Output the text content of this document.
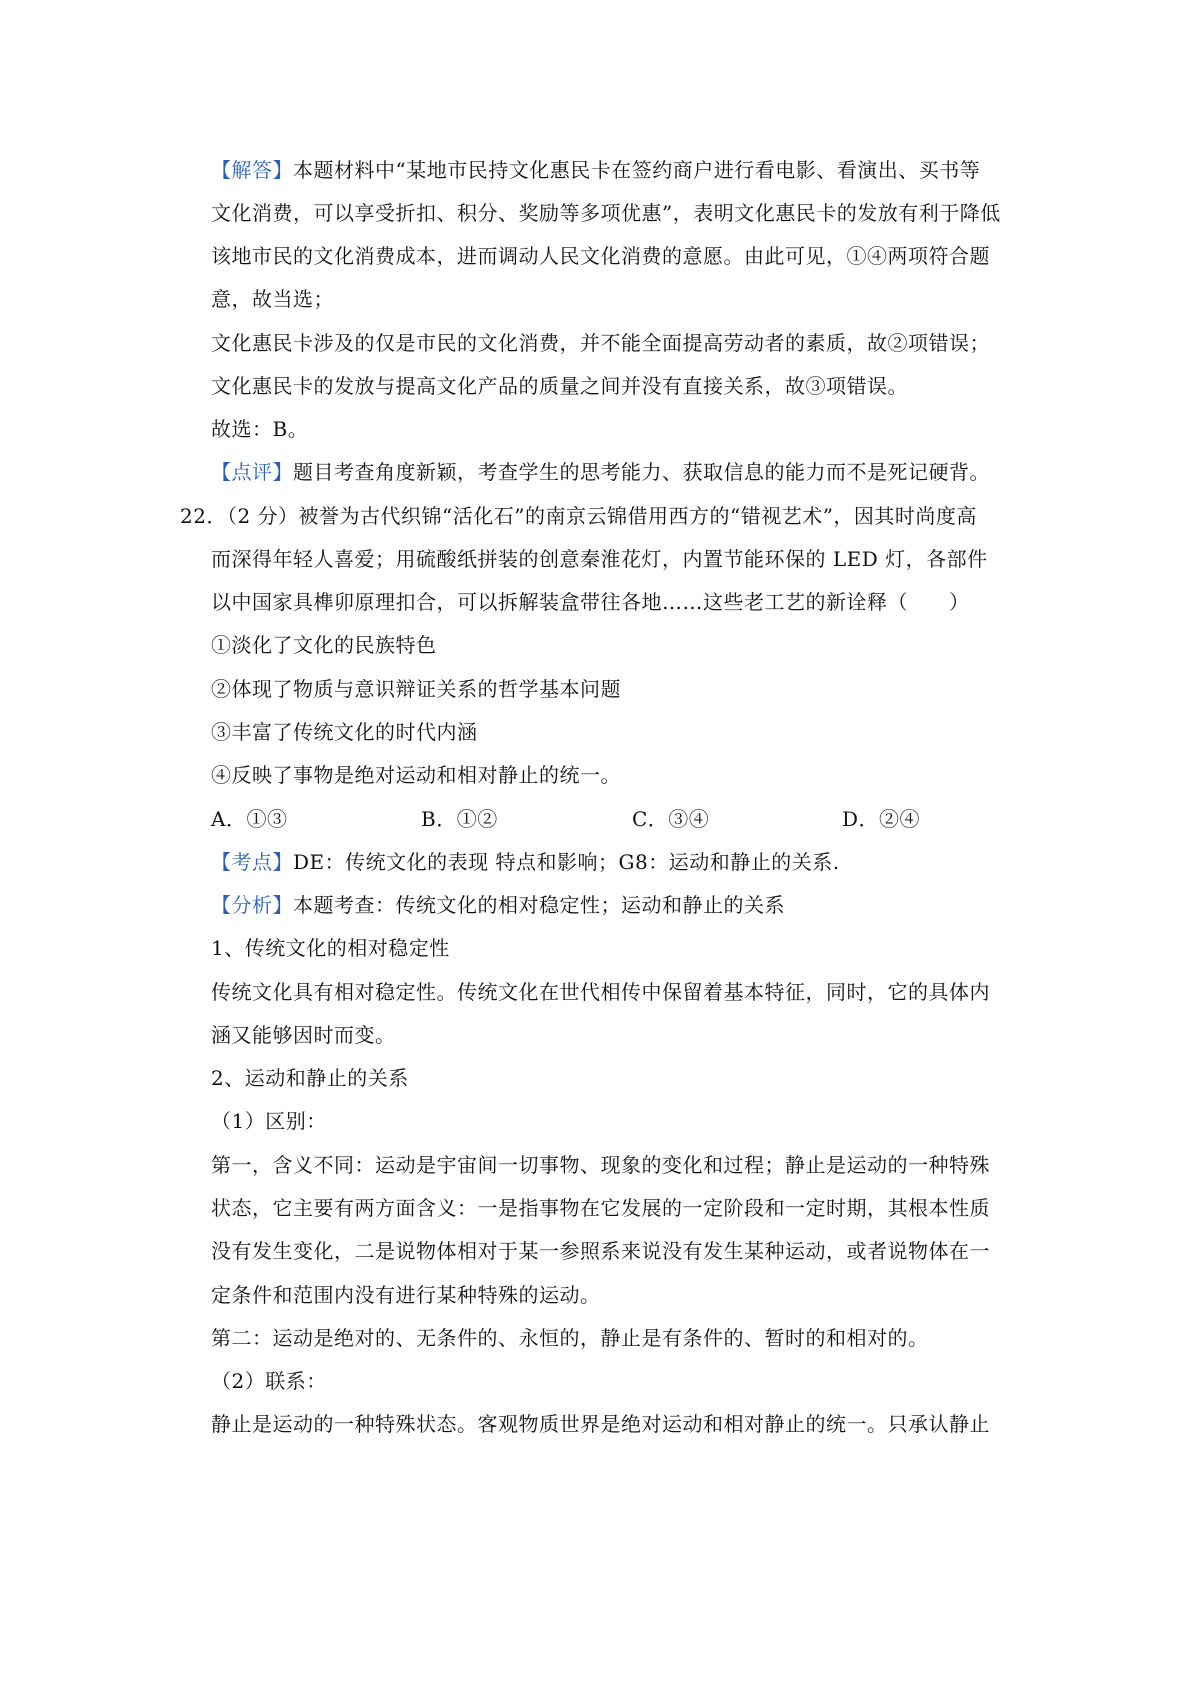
【解答】本题材料中“某地市民持文化惠民卡在签约商户进行看电影、看演出、买书等
文化消费，可以享受折扣、积分、奖励等多项优惠”，表明文化惠民卡的发放有利于降低
该地市民的文化消费成本，进而调动人民文化消费的意愿。由此可见，①④两项符合题
意，故当选；
文化惠民卡涉及的仅是市民的文化消费，并不能全面提高劳动者的素质，故②项错误；
文化惠民卡的发放与提高文化产品的质量之间并没有直接关系，故③项错误。
故选：B。
【点评】题目考查角度新颖，考查学生的思考能力、获取信息的能力而不是死记硬背。
22．（2 分）被誉为古代织锦“活化石”的南京云锦借用西方的“错视艺术”，因其时尚度高
而深得年轻人喜爱；用硫酸纸拼装的创意秦淮花灯，内置节能环保的 LED 灯，各部件
以中国家具榫卯原理扣合，可以拆解装盒带往各地……这些老工艺的新诠释（　　）
①淡化了文化的民族特色
②体现了物质与意识辩证关系的哲学基本问题
③丰富了传统文化的时代内涵
④反映了事物是绝对运动和相对静止的统一。
A．①③	B．①②	C．③④	D．②④
【考点】DE：传统文化的表现 特点和影响；G8：运动和静止的关系.
【分析】本题考查：传统文化的相对稳定性；运动和静止的关系
1、传统文化的相对稳定性
传统文化具有相对稳定性。传统文化在世代相传中保留着基本特征，同时，它的具体内
涵又能够因时而变。
2、运动和静止的关系
（1）区别：
第一，含义不同：运动是宇宙间一切事物、现象的变化和过程；静止是运动的一种特殊
状态，它主要有两方面含义：一是指事物在它发展的一定阶段和一定时期，其根本性质
没有发生变化，二是说物体相对于某一参照系来说没有发生某种运动，或者说物体在一
定条件和范围内没有进行某种特殊的运动。
第二：运动是绝对的、无条件的、永恒的，静止是有条件的、暂时的和相对的。
（2）联系：
静止是运动的一种特殊状态。客观物质世界是绝对运动和相对静止的统一。只承认静止
